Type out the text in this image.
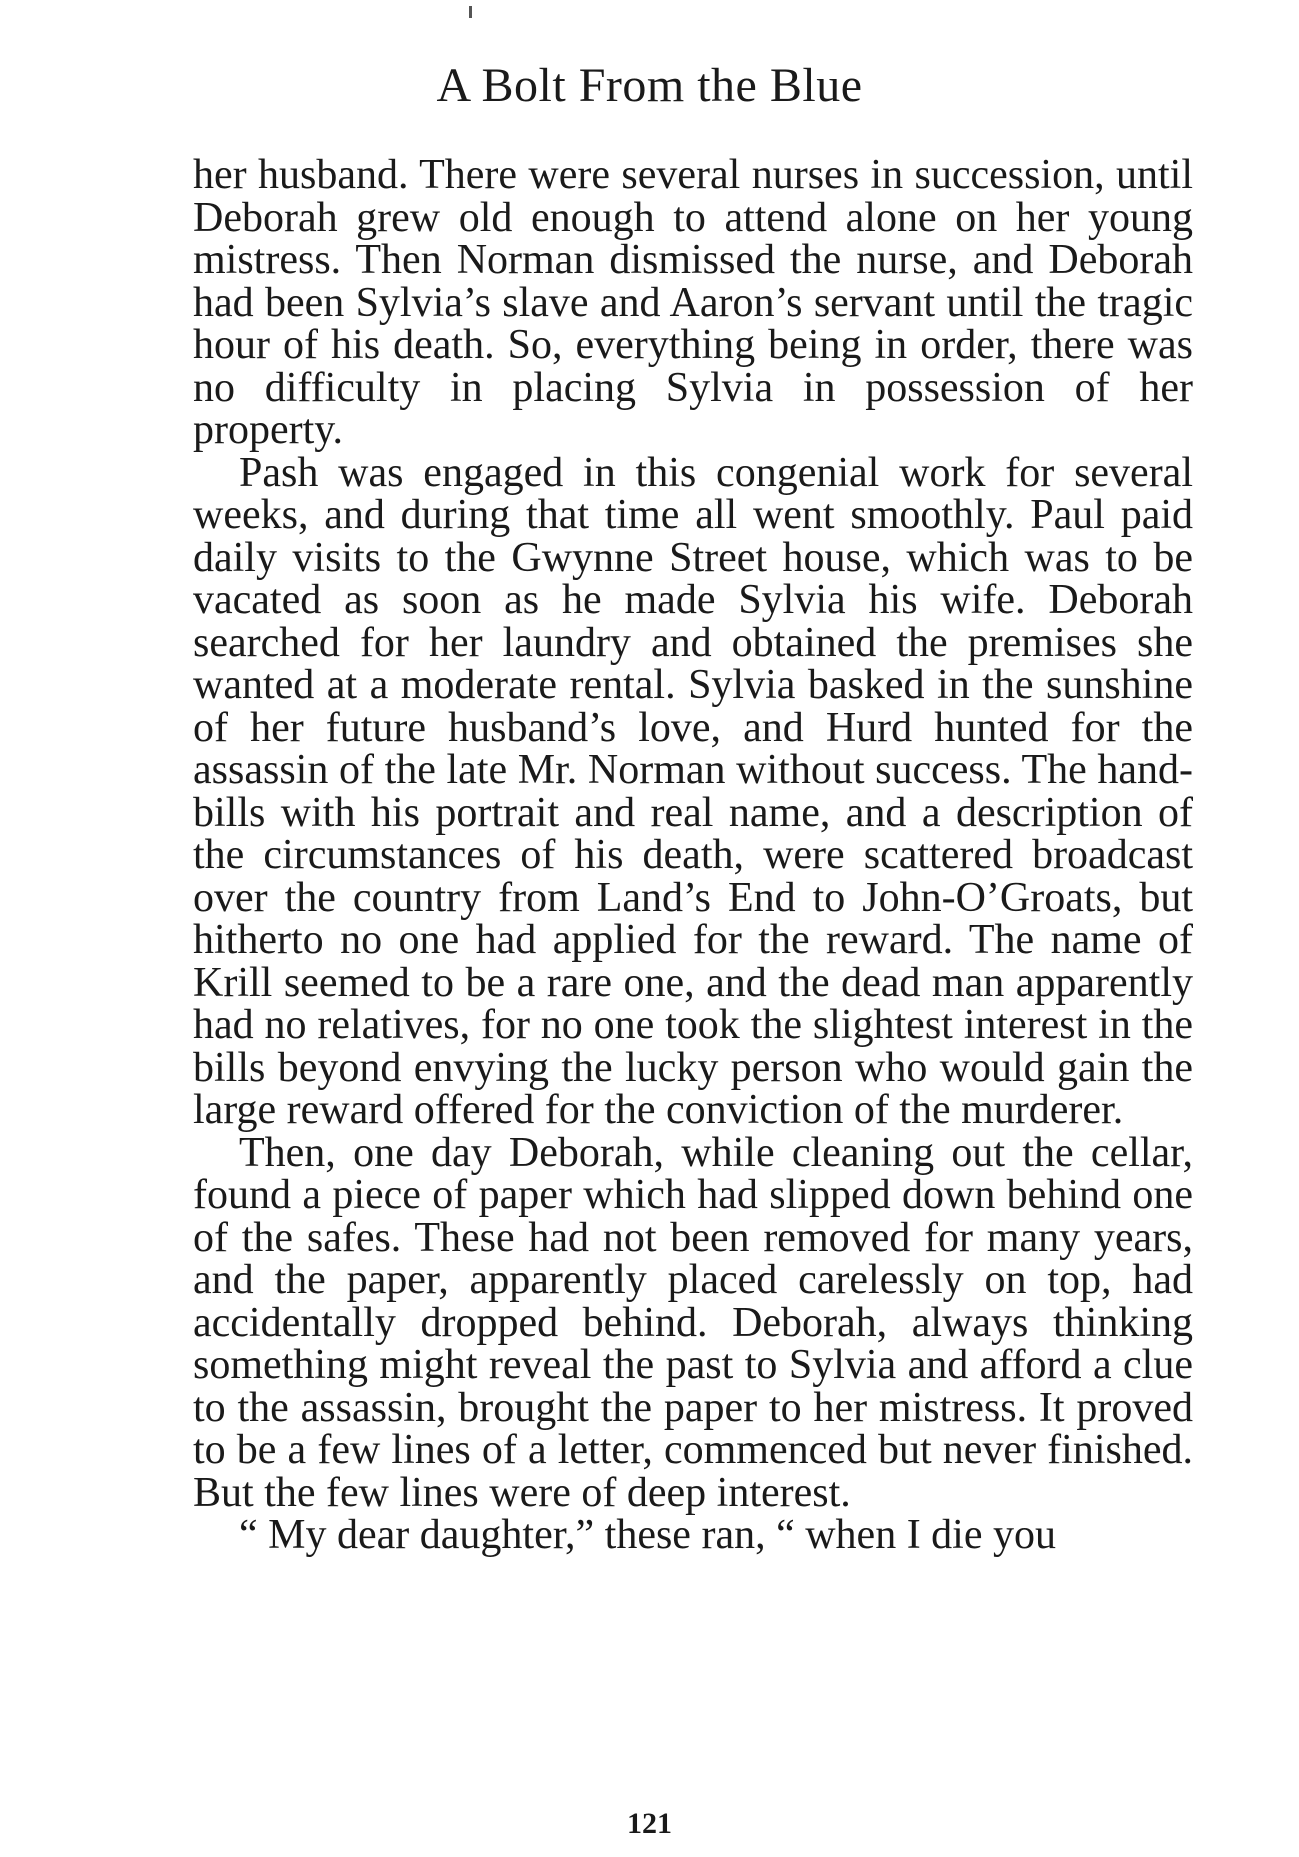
A Bolt From the Blue

her husband. There were several nurses in succession, until Deborah grew old enough to attend alone on her young mistress. Then Norman dismissed the nurse, and Deborah had been Sylvia’s slave and Aaron’s servant until the tragic hour of his death. So, everything being in order, there was no difficulty in placing Sylvia in possession of her property.

Pash was engaged in this congenial work for several weeks, and during that time all went smoothly. Paul paid daily visits to the Gwynne Street house, which was to be vacated as soon as he made Sylvia his wife. Deborah searched for her laundry and obtained the premises she wanted at a moderate rental. Sylvia basked in the sunshine of her future husband’s love, and Hurd hunted for the assassin of the late Mr. Norman without success. The hand-bills with his portrait and real name, and a description of the circumstances of his death, were scattered broadcast over the country from Land’s End to John-O’Groats, but hitherto no one had applied for the reward. The name of Krill seemed to be a rare one, and the dead man apparently had no relatives, for no one took the slightest interest in the bills beyond envying the lucky person who would gain the large reward offered for the conviction of the murderer.

Then, one day Deborah, while cleaning out the cellar, found a piece of paper which had slipped down behind one of the safes. These had not been removed for many years, and the paper, apparently placed carelessly on top, had accidentally dropped behind. Deborah, always thinking something might reveal the past to Sylvia and afford a clue to the assassin, brought the paper to her mistress. It proved to be a few lines of a letter, commenced but never finished. But the few lines were of deep interest.

“ My dear daughter,” these ran, “ when I die you

121
